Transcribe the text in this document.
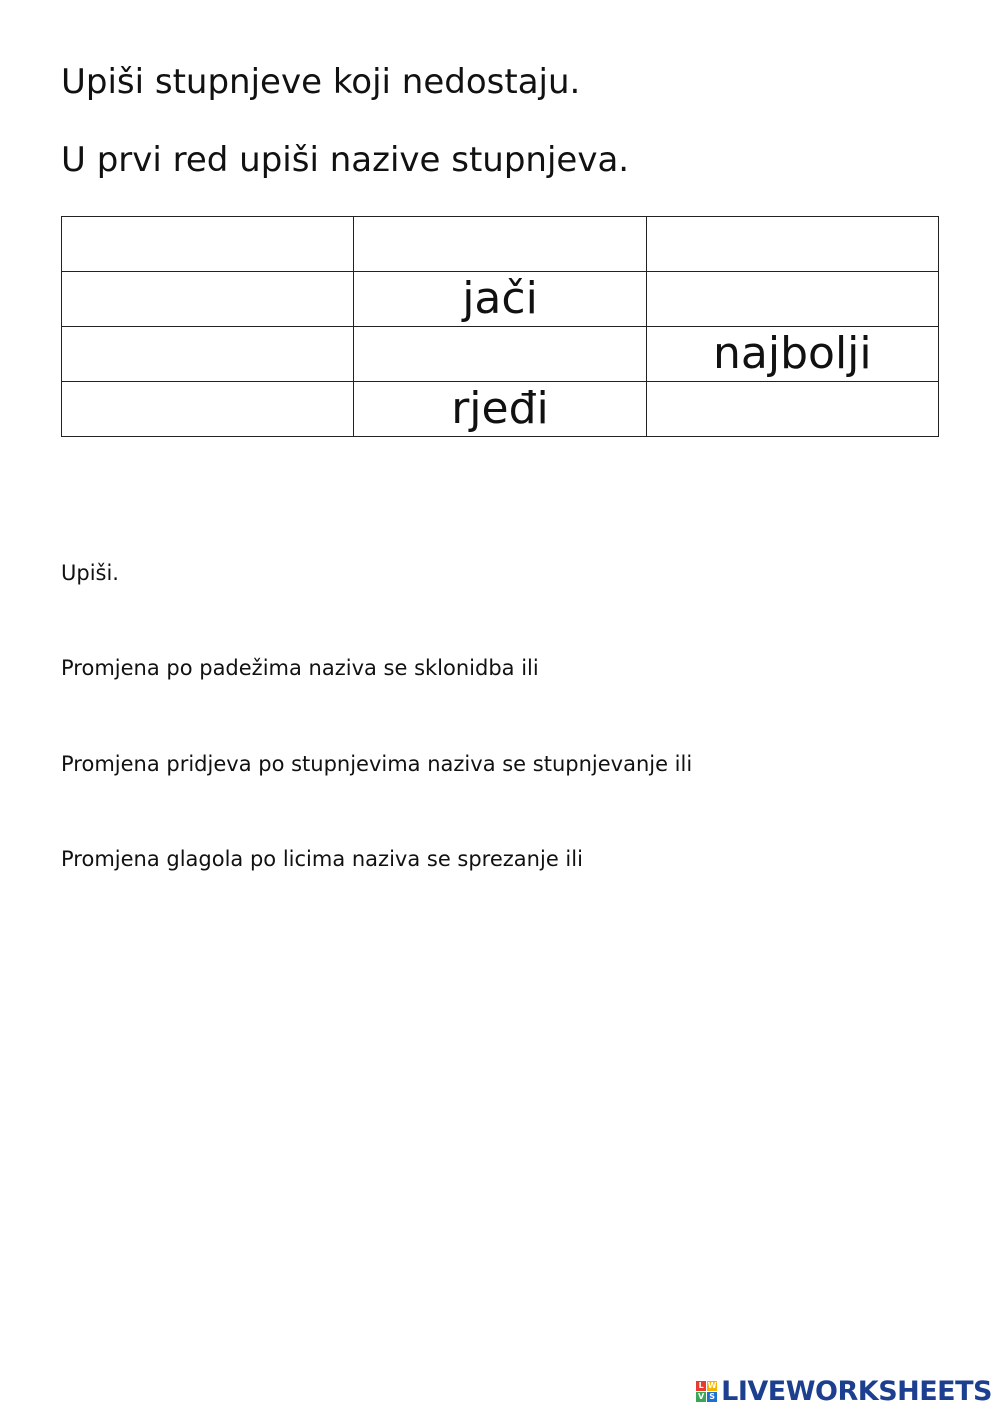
Upiši stupnjeve koji nedostaju.
U prvi red upiši nazive stupnjeva.

	jači	
		najbolji
	rjeđi	
Upiši.
Promjena po padežima naziva se sklonidba ili
Promjena pridjeva po stupnjevima naziva se stupnjevanje ili
Promjena glagola po licima naziva se sprezanje ili
L W
V S LIVEWORKSHEETS
